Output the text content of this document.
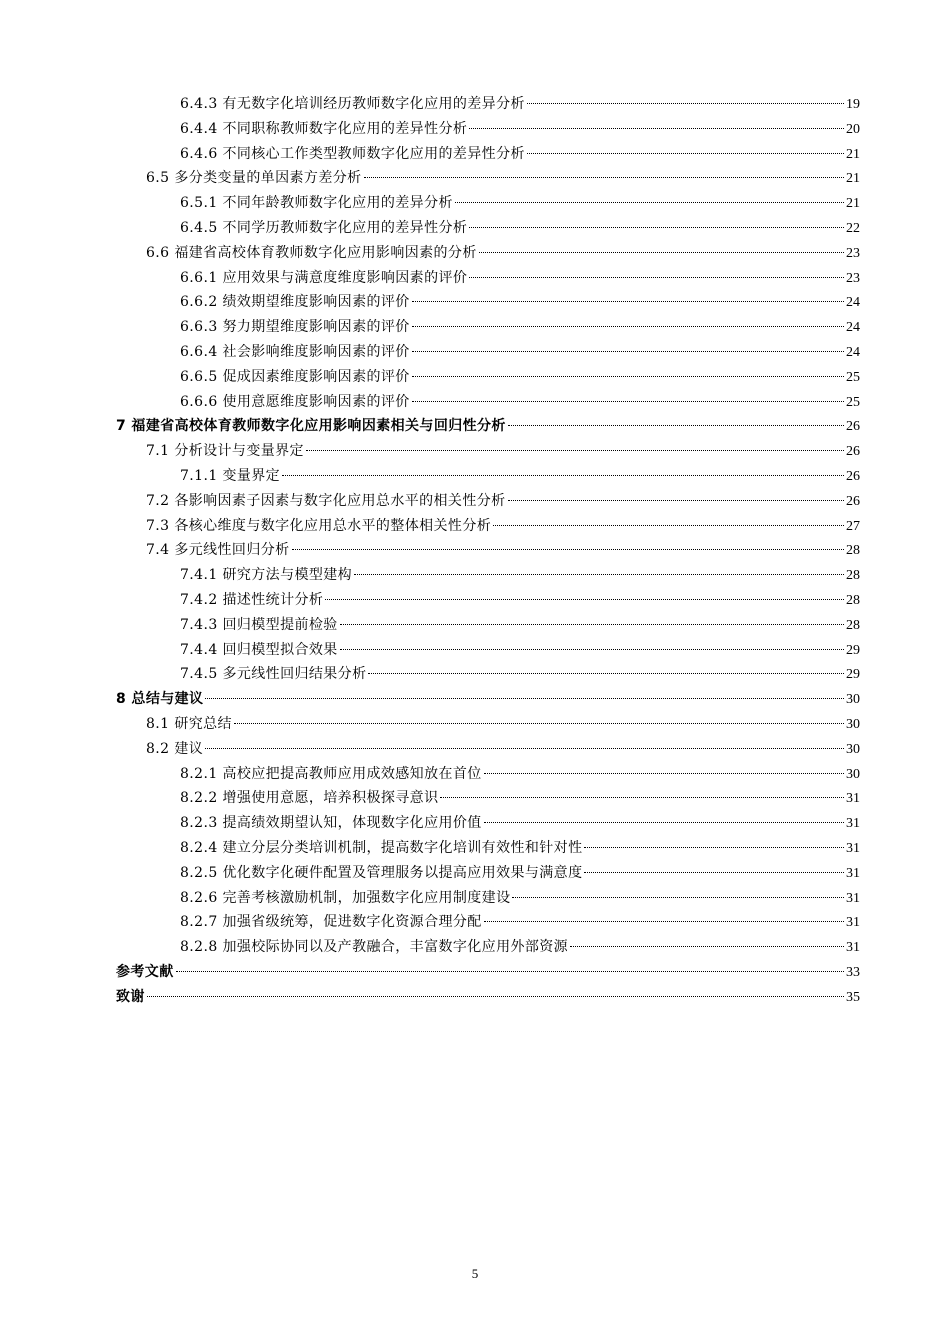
6.4.3 有无数字化培训经历教师数字化应用的差异分析	19
6.4.4 不同职称教师数字化应用的差异性分析	20
6.4.6 不同核心工作类型教师数字化应用的差异性分析	21
6.5 多分类变量的单因素方差分析	21
6.5.1 不同年龄教师数字化应用的差异分析	21
6.4.5 不同学历教师数字化应用的差异性分析	22
6.6 福建省高校体育教师数字化应用影响因素的分析	23
6.6.1 应用效果与满意度维度影响因素的评价	23
6.6.2 绩效期望维度影响因素的评价	24
6.6.3 努力期望维度影响因素的评价	24
6.6.4 社会影响维度影响因素的评价	24
6.6.5 促成因素维度影响因素的评价	25
6.6.6 使用意愿维度影响因素的评价	25
7 福建省高校体育教师数字化应用影响因素相关与回归性分析	26
7.1 分析设计与变量界定	26
7.1.1 变量界定	26
7.2 各影响因素子因素与数字化应用总水平的相关性分析	26
7.3 各核心维度与数字化应用总水平的整体相关性分析	27
7.4 多元线性回归分析	28
7.4.1 研究方法与模型建构	28
7.4.2 描述性统计分析	28
7.4.3 回归模型提前检验	28
7.4.4 回归模型拟合效果	29
7.4.5 多元线性回归结果分析	29
8 总结与建议	30
8.1 研究总结	30
8.2 建议	30
8.2.1 高校应把提高教师应用成效感知放在首位	30
8.2.2 增强使用意愿，培养积极探寻意识	31
8.2.3 提高绩效期望认知，体现数字化应用价值	31
8.2.4 建立分层分类培训机制，提高数字化培训有效性和针对性	31
8.2.5 优化数字化硬件配置及管理服务以提高应用效果与满意度	31
8.2.6 完善考核激励机制，加强数字化应用制度建设	31
8.2.7 加强省级统筹，促进数字化资源合理分配	31
8.2.8 加强校际协同以及产教融合，丰富数字化应用外部资源	31
参考文献	33
致谢	35
5
